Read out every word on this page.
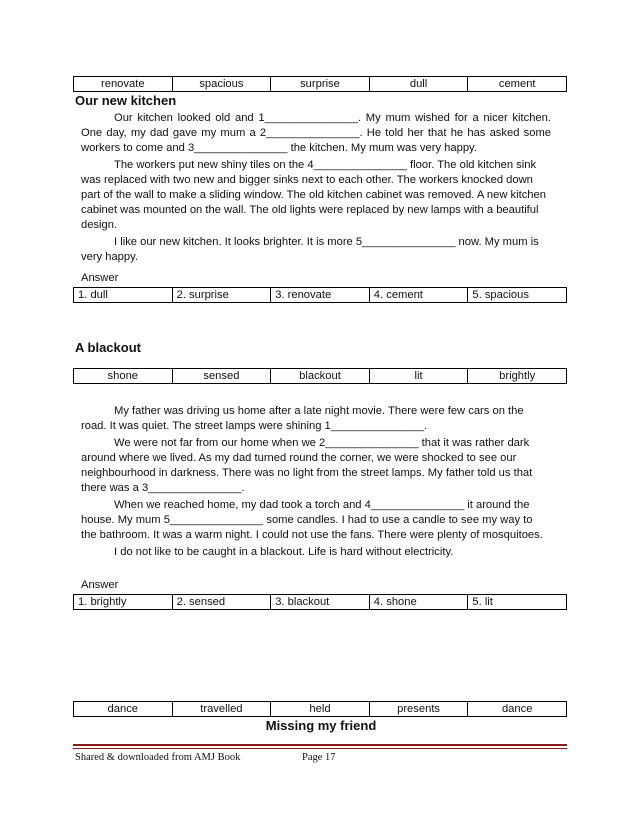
renovate	spacious	surprise	dull	cement
Our new kitchen

Our kitchen looked old and 1_______________. My mum wished for a nicer kitchen. One day, my dad gave my mum a 2_______________. He told her that he has asked some workers to come and 3_______________ the kitchen. My mum was very happy.

The workers put new shiny tiles on the 4_______________ floor. The old kitchen sink was replaced with two new and bigger sinks next to each other. The workers knocked down part of the wall to make a sliding window. The old kitchen cabinet was removed. A new kitchen cabinet was mounted on the wall. The old lights were replaced by new lamps with a beautiful design.

I like our new kitchen. It looks brighter. It is more 5_______________ now. My mum is very happy.

Answer
1. dull	2. surprise	3. renovate	4. cement	5. spacious
A blackout
shone	sensed	blackout	lit	brightly

My father was driving us home after a late night movie. There were few cars on the road. It was quiet. The street lamps were shining 1_______________.

We were not far from our home when we 2_______________ that it was rather dark around where we lived. As my dad turned round the corner, we were shocked to see our neighbourhood in darkness. There was no light from the street lamps. My father told us that there was a 3_______________.

When we reached home, my dad took a torch and 4_______________ it around the house. My mum 5_______________ some candles. I had to use a candle to see my way to the bathroom. It was a warm night. I could not use the fans. There were plenty of mosquitoes.

I do not like to be caught in a blackout. Life is hard without electricity.

Answer
1. brightly	2. sensed	3. blackout	4. shone	5. lit
dance	travelled	held	presents	dance
Missing my friend
Shared & downloaded from AMJ Book	Page 17
